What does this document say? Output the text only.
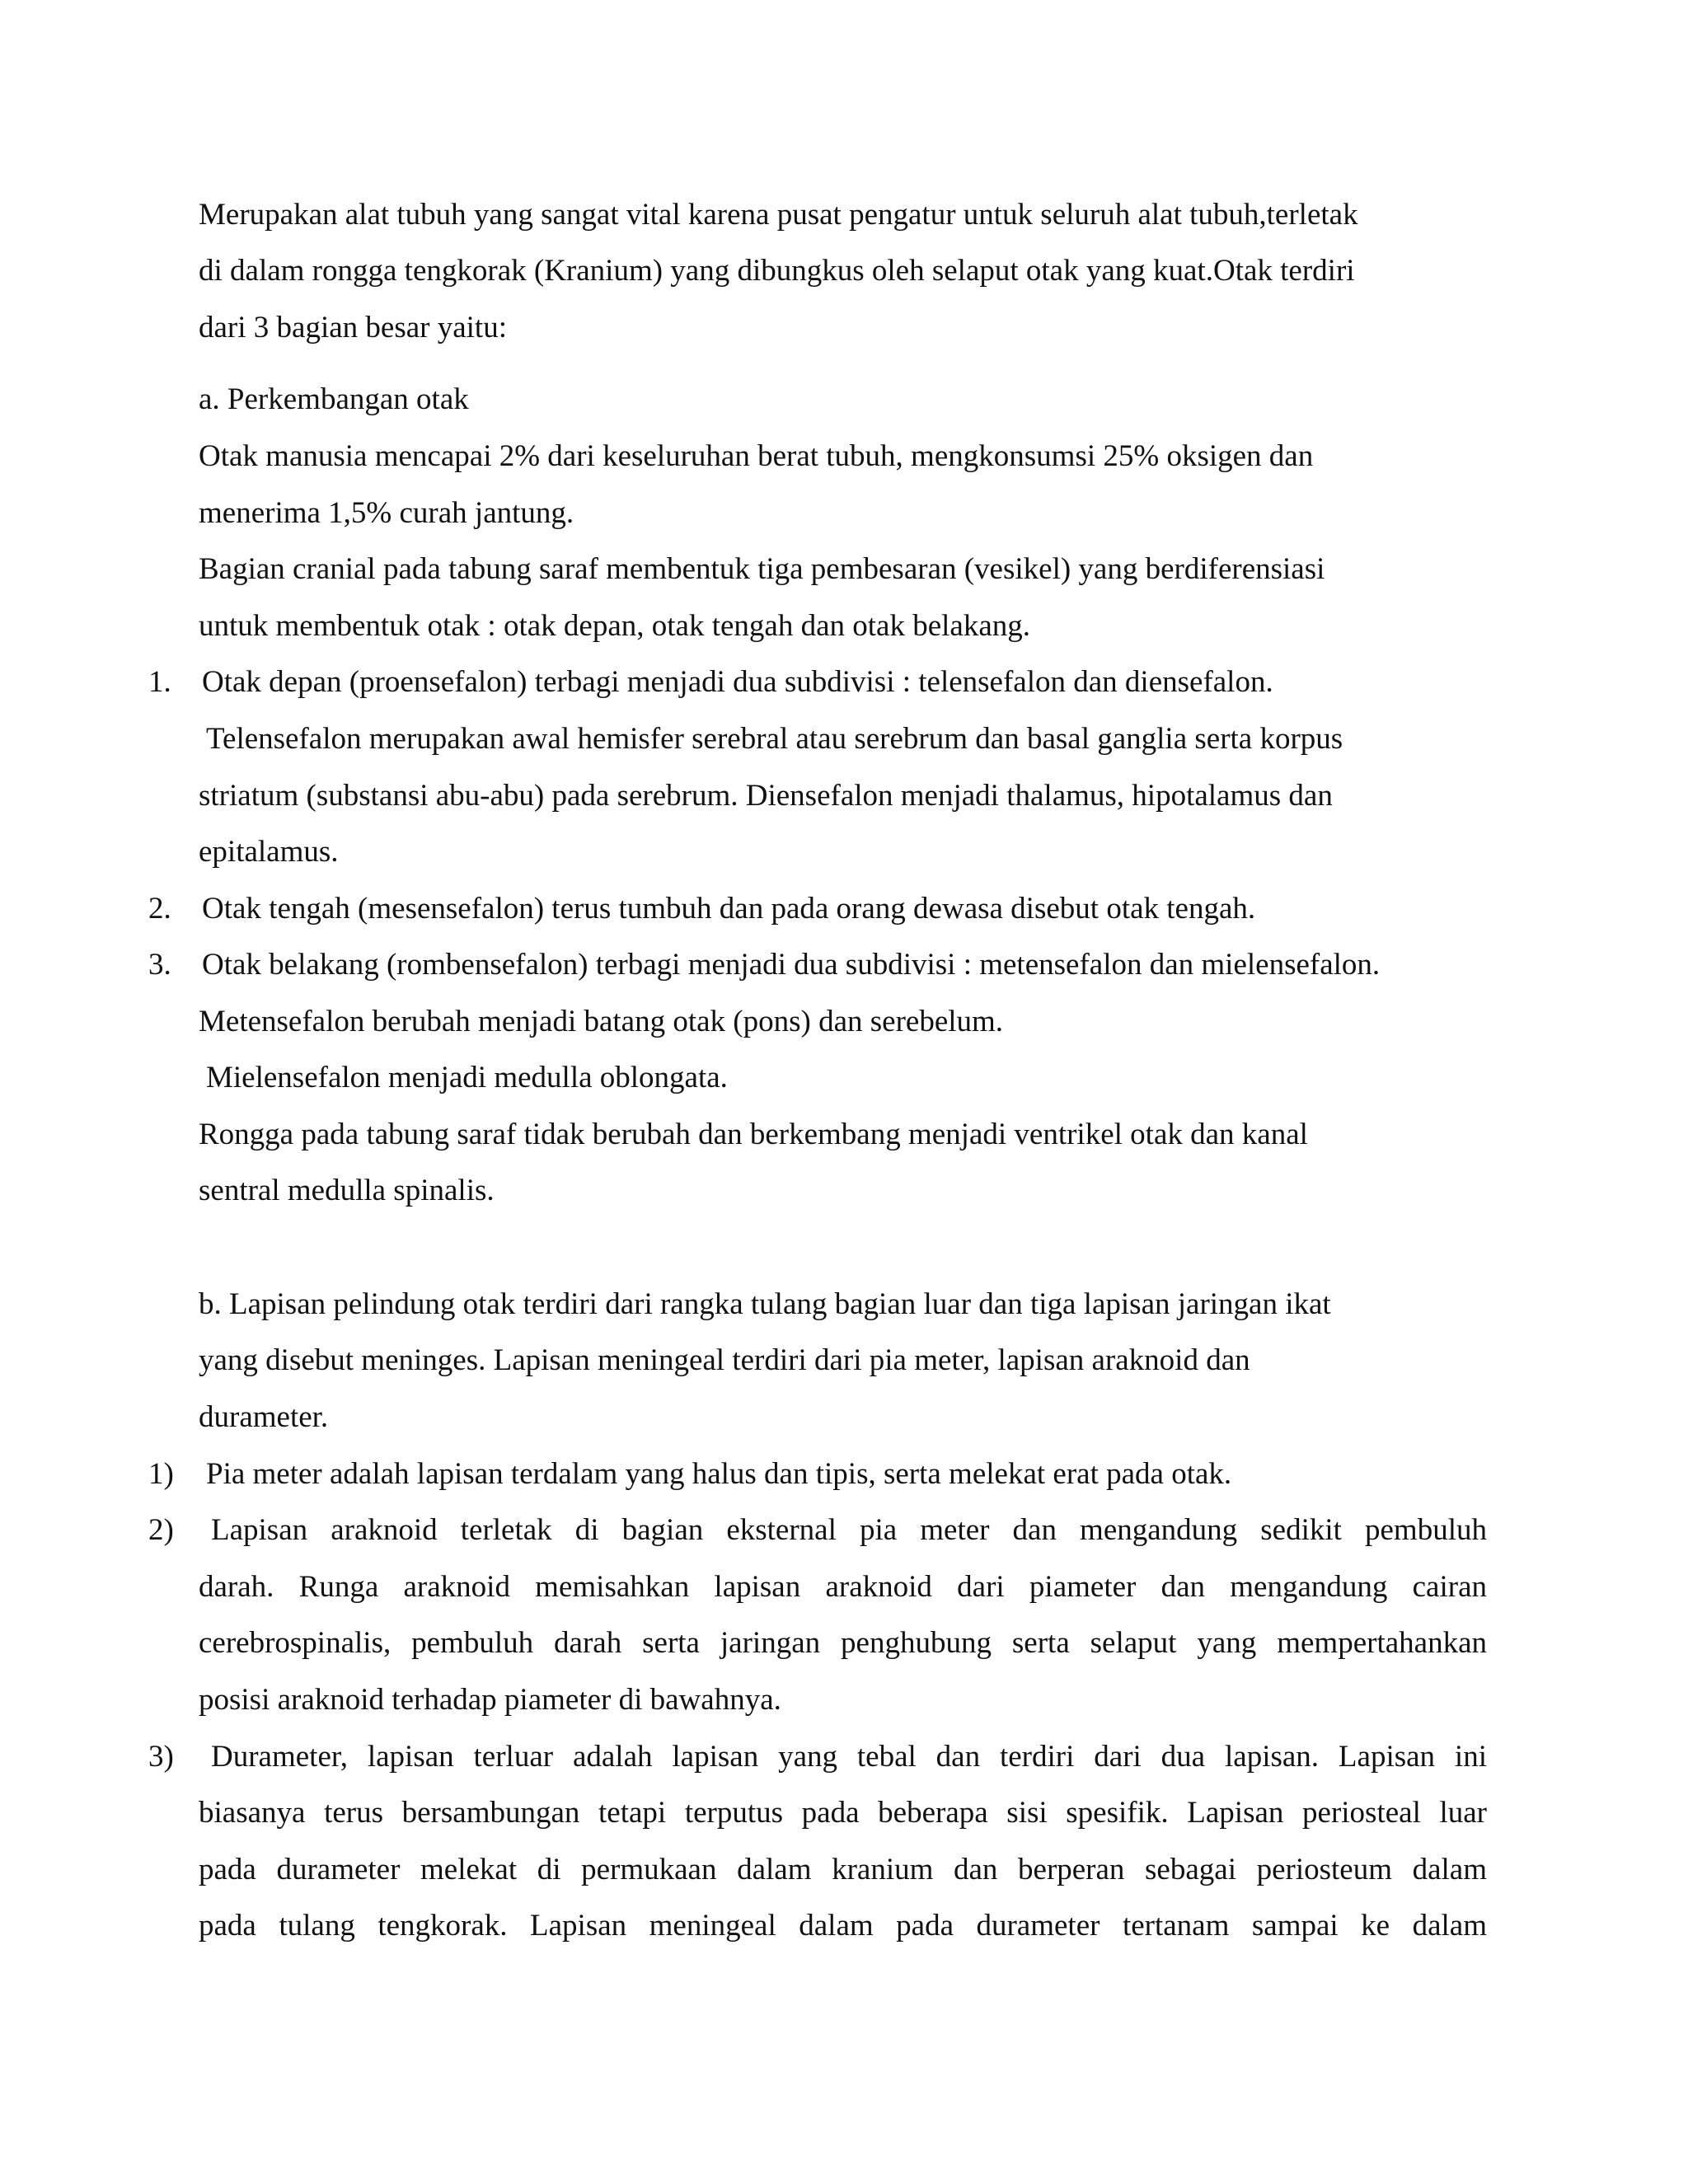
Merupakan alat tubuh yang sangat vital karena pusat pengatur untuk seluruh alat tubuh,terletak
di dalam rongga tengkorak (Kranium) yang dibungkus oleh selaput otak yang kuat.Otak terdiri
dari 3 bagian besar yaitu:
a. Perkembangan otak
Otak manusia mencapai 2% dari keseluruhan berat tubuh, mengkonsumsi 25% oksigen dan
menerima 1,5% curah jantung.
Bagian cranial pada tabung saraf membentuk tiga pembesaran (vesikel) yang berdiferensiasi
untuk membentuk otak : otak depan, otak tengah dan otak belakang.
1. Otak depan (proensefalon) terbagi menjadi dua subdivisi : telensefalon dan diensefalon.
Telensefalon merupakan awal hemisfer serebral atau serebrum dan basal ganglia serta korpus
striatum (substansi abu-abu) pada serebrum. Diensefalon menjadi thalamus, hipotalamus dan
epitalamus.
2. Otak tengah (mesensefalon) terus tumbuh dan pada orang dewasa disebut otak tengah.
3. Otak belakang (rombensefalon) terbagi menjadi dua subdivisi : metensefalon dan mielensefalon.
Metensefalon berubah menjadi batang otak (pons) dan serebelum.
Mielensefalon menjadi medulla oblongata.
Rongga pada tabung saraf tidak berubah dan berkembang menjadi ventrikel otak dan kanal
sentral medulla spinalis.
b. Lapisan pelindung otak terdiri dari rangka tulang bagian luar dan tiga lapisan jaringan ikat
yang disebut meninges. Lapisan meningeal terdiri dari pia meter, lapisan araknoid dan
durameter.
1) Pia meter adalah lapisan terdalam yang halus dan tipis, serta melekat erat pada otak.
2) Lapisan araknoid terletak di bagian eksternal pia meter dan mengandung sedikit pembuluh
darah. Runga araknoid memisahkan lapisan araknoid dari piameter dan mengandung cairan
cerebrospinalis, pembuluh darah serta jaringan penghubung serta selaput yang mempertahankan
posisi araknoid terhadap piameter di bawahnya.
3) Durameter, lapisan terluar adalah lapisan yang tebal dan terdiri dari dua lapisan. Lapisan ini
biasanya terus bersambungan tetapi terputus pada beberapa sisi spesifik. Lapisan periosteal luar
pada durameter melekat di permukaan dalam kranium dan berperan sebagai periosteum dalam
pada tulang tengkorak. Lapisan meningeal dalam pada durameter tertanam sampai ke dalam
